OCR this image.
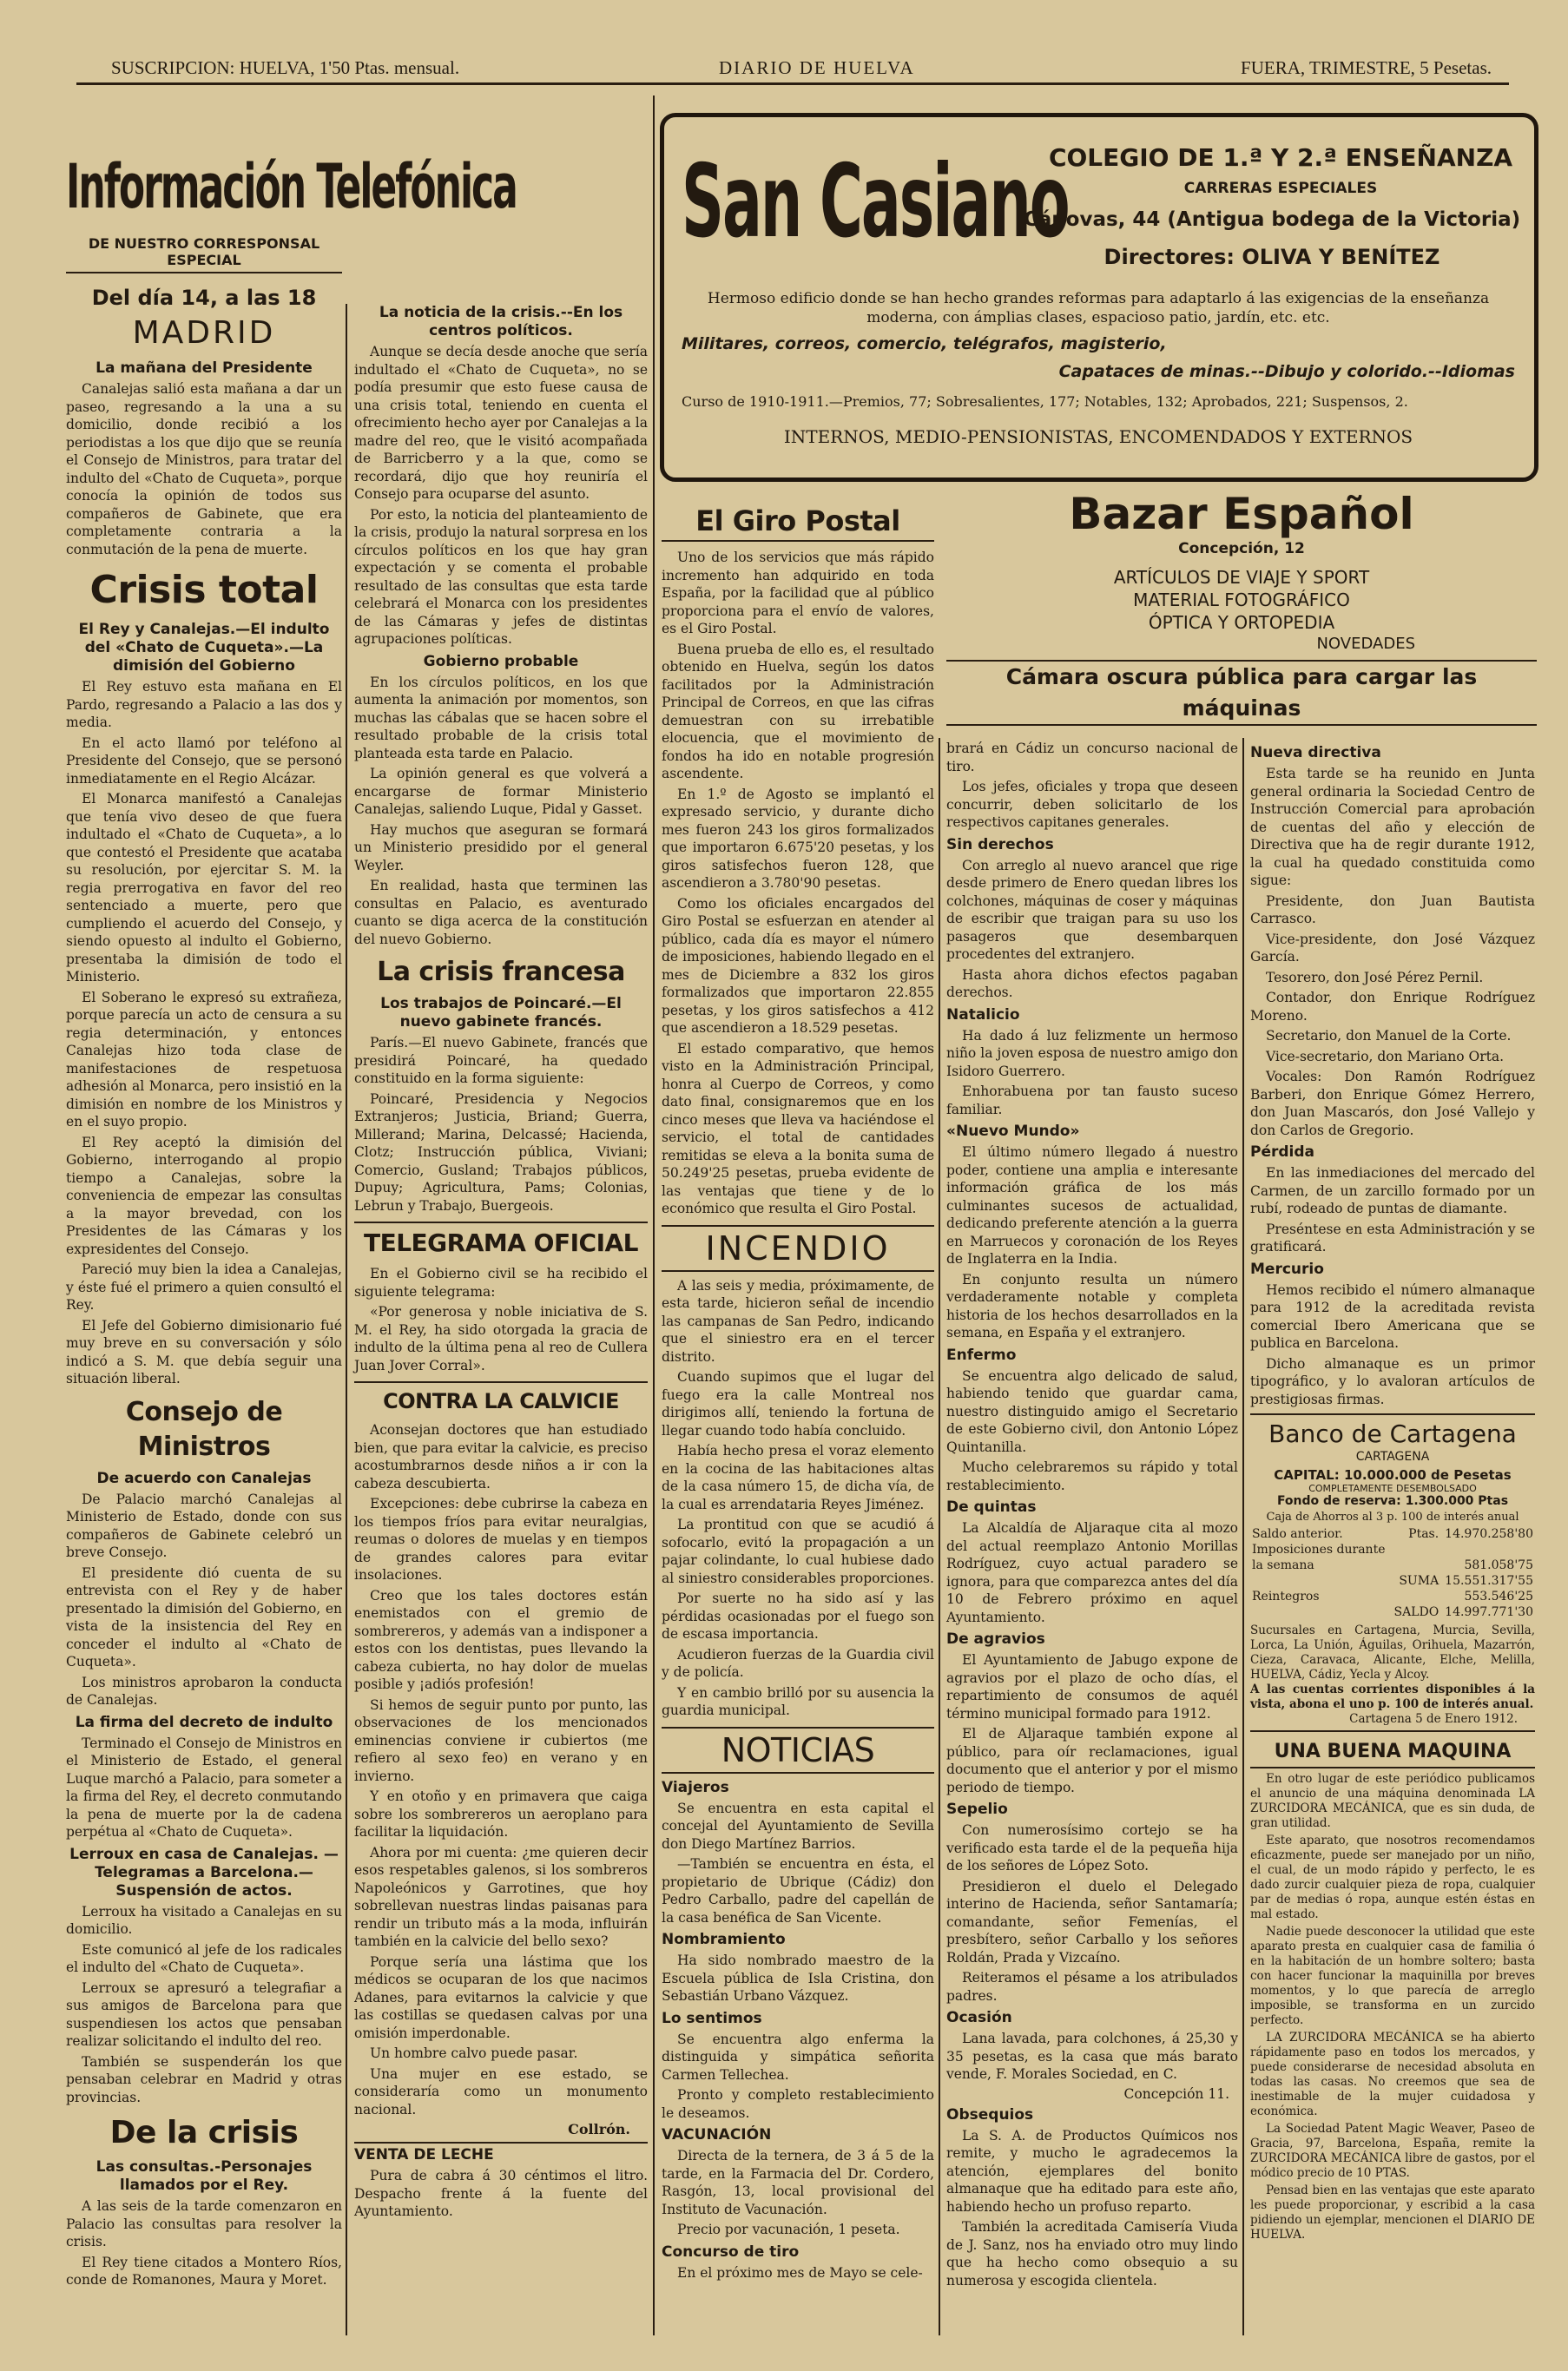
SUSCRIPCION: HUELVA, 1'50 Ptas. mensual.	DIARIO DE HUELVA	FUERA, TRIMESTRE, 5 Pesetas.
Información Telefónica
DE NUESTRO CORRESPONSAL ESPECIAL
Del día 14, a las 18
MADRID
La mañana del Presidente

Canalejas salió esta mañana a dar un paseo, regresando a la una a su domicilio, donde recibió a los periodistas a los que dijo que se reunía el Consejo de Ministros, para tratar del indulto del «Chato de Cuqueta», porque conocía la opinión de todos sus compañeros de Gabinete, que era completamente contraria a la conmutación de la pena de muerte.

Crisis total
El Rey y Canalejas.—El indulto del «Chato de Cuqueta».—La dimisión del Gobierno

El Rey estuvo esta mañana en El Pardo, regresando a Palacio a las dos y media.

En el acto llamó por teléfono al Presidente del Consejo, que se personó inmediatamente en el Regio Alcázar.

El Monarca manifestó a Canalejas que tenía vivo deseo de que fuera indultado el «Chato de Cuqueta», a lo que contestó el Presidente que acataba su resolución, por ejercitar S. M. la regia prerrogativa en favor del reo sentenciado a muerte, pero que cumpliendo el acuerdo del Consejo, y siendo opuesto al indulto el Gobierno, presentaba la dimisión de todo el Ministerio.

El Soberano le expresó su extrañeza, porque parecía un acto de censura a su regia determinación, y entonces Canalejas hizo toda clase de manifestaciones de respetuosa adhesión al Monarca, pero insistió en la dimisión en nombre de los Ministros y en el suyo propio.

El Rey aceptó la dimisión del Gobierno, interrogando al propio tiempo a Canalejas, sobre la conveniencia de empezar las consultas a la mayor brevedad, con los Presidentes de las Cámaras y los expresidentes del Consejo.

Pareció muy bien la idea a Canalejas, y éste fué el primero a quien consultó el Rey.

El Jefe del Gobierno dimisionario fué muy breve en su conversación y sólo indicó a S. M. que debía seguir una situación liberal.

Consejo de Ministros
De acuerdo con Canalejas

De Palacio marchó Canalejas al Ministerio de Estado, donde con sus compañeros de Gabinete celebró un breve Consejo.

El presidente dió cuenta de su entrevista con el Rey y de haber presentado la dimisión del Gobierno, en vista de la insistencia del Rey en conceder el indulto al «Chato de Cuqueta».

Los ministros aprobaron la conducta de Canalejas.

La firma del decreto de indulto

Terminado el Consejo de Ministros en el Ministerio de Estado, el general Luque marchó a Palacio, para someter a la firma del Rey, el decreto conmutando la pena de muerte por la de cadena perpétua al «Chato de Cuqueta».

Lerroux en casa de Canalejas. —Telegramas a Barcelona.— Suspensión de actos.

Lerroux ha visitado a Canalejas en su domicilio.

Este comunicó al jefe de los radicales el indulto del «Chato de Cuqueta».

Lerroux se apresuró a telegrafiar a sus amigos de Barcelona para que suspendiesen los actos que pensaban realizar solicitando el indulto del reo.

También se suspenderán los que pensaban celebrar en Madrid y otras provincias.

De la crisis
Las consultas.-Personajes llamados por el Rey.

A las seis de la tarde comenzaron en Palacio las consultas para resolver la crisis.

El Rey tiene citados a Montero Ríos, conde de Romanones, Maura y Moret.

La noticia de la crisis.--En los centros políticos.

Aunque se decía desde anoche que sería indultado el «Chato de Cuqueta», no se podía presumir que esto fuese causa de una crisis total, teniendo en cuenta el ofrecimiento hecho ayer por Canalejas a la madre del reo, que le visitó acompañada de Barricberro y a la que, como se recordará, dijo que hoy reuniría el Consejo para ocuparse del asunto.

Por esto, la noticia del planteamiento de la crisis, produjo la natural sorpresa en los círculos políticos en los que hay gran expectación y se comenta el probable resultado de las consultas que esta tarde celebrará el Monarca con los presidentes de las Cámaras y jefes de distintas agrupaciones políticas.

Gobierno probable

En los círculos políticos, en los que aumenta la animación por momentos, son muchas las cábalas que se hacen sobre el resultado probable de la crisis total planteada esta tarde en Palacio.

La opinión general es que volverá a encargarse de formar Ministerio Canalejas, saliendo Luque, Pidal y Gasset.

Hay muchos que aseguran se formará un Ministerio presidido por el general Weyler.

En realidad, hasta que terminen las consultas en Palacio, es aventurado cuanto se diga acerca de la constitución del nuevo Gobierno.

La crisis francesa
Los trabajos de Poincaré.—El nuevo gabinete francés.

París.—El nuevo Gabinete, francés que presidirá Poincaré, ha quedado constituido en la forma siguiente:

Poincaré, Presidencia y Negocios Extranjeros; Justicia, Briand; Guerra, Millerand; Marina, Delcassé; Hacienda, Clotz; Instrucción pública, Viviani; Comercio, Gusland; Trabajos públicos, Dupuy; Agricultura, Pams; Colonias, Lebrun y Trabajo, Buergeois.

TELEGRAMA OFICIAL

En el Gobierno civil se ha recibido el siguiente telegrama:

«Por generosa y noble iniciativa de S. M. el Rey, ha sido otorgada la gracia de indulto de la última pena al reo de Cullera Juan Jover Corral».

CONTRA LA CALVICIE

Aconsejan doctores que han estudiado bien, que para evitar la calvicie, es preciso acostumbrarnos desde niños a ir con la cabeza descubierta.

Excepciones: debe cubrirse la cabeza en los tiempos fríos para evitar neuralgias, reumas o dolores de muelas y en tiempos de grandes calores para evitar insolaciones.

Creo que los tales doctores están enemistados con el gremio de sombrereros, y además van a indisponer a estos con los dentistas, pues llevando la cabeza cubierta, no hay dolor de muelas posible y ¡adiós profesión!

Si hemos de seguir punto por punto, las observaciones de los mencionados eminencias conviene ir cubiertos (me refiero al sexo feo) en verano y en invierno.

Y en otoño y en primavera que caiga sobre los sombrereros un aeroplano para facilitar la liquidación.

Ahora por mi cuenta: ¿me quieren decir esos respetables galenos, si los sombreros Napoleónicos y Garrotines, que hoy sobrellevan nuestras lindas paisanas para rendir un tributo más a la moda, influirán también en la calvicie del bello sexo?

Porque sería una lástima que los médicos se ocuparan de los que nacimos Adanes, para evitarnos la calvicie y que las costillas se quedasen calvas por una omisión imperdonable.

Un hombre calvo puede pasar.

Una mujer en ese estado, se consideraría como un monumento nacional.

Collrón.
VENTA DE LECHE

Pura de cabra á 30 céntimos el litro. Despacho frente á la fuente del Ayuntamiento.

San Casiano
COLEGIO DE 1.ª Y 2.ª ENSEÑANZA
CARRERAS ESPECIALES
Cánovas, 44 (Antigua bodega de la Victoria)
Directores: OLIVA Y BENÍTEZ
Hermoso edificio donde se han hecho grandes reformas para adaptarlo á las exigencias de la enseñanza moderna, con ámplias clases, espacioso patio, jardín, etc. etc.
Militares, correos, comercio, telégrafos, magisterio,
Capataces de minas.--Dibujo y colorido.--Idiomas
Curso de 1910-1911.—Premios, 77; Sobresalientes, 177; Notables, 132; Aprobados, 221; Suspensos, 2.
INTERNOS, MEDIO-PENSIONISTAS, ENCOMENDADOS Y EXTERNOS
El Giro Postal

Uno de los servicios que más rápido incremento han adquirido en toda España, por la facilidad que al público proporciona para el envío de valores, es el Giro Postal.

Buena prueba de ello es, el resultado obtenido en Huelva, según los datos facilitados por la Administración Principal de Correos, en que las cifras demuestran con su irrebatible elocuencia, que el movimiento de fondos ha ido en notable progresión ascendente.

En 1.º de Agosto se implantó el expresado servicio, y durante dicho mes fueron 243 los giros formalizados que importaron 6.675'20 pesetas, y los giros satisfechos fueron 128, que ascendieron a 3.780'90 pesetas.

Como los oficiales encargados del Giro Postal se esfuerzan en atender al público, cada día es mayor el número de imposiciones, habiendo llegado en el mes de Diciembre a 832 los giros formalizados que importaron 22.855 pesetas, y los giros satisfechos a 412 que ascendieron a 18.529 pesetas.

El estado comparativo, que hemos visto en la Administración Principal, honra al Cuerpo de Correos, y como dato final, consignaremos que en los cinco meses que lleva va haciéndose el servicio, el total de cantidades remitidas se eleva a la bonita suma de 50.249'25 pesetas, prueba evidente de las ventajas que tiene y de lo económico que resulta el Giro Postal.

INCENDIO

A las seis y media, próximamente, de esta tarde, hicieron señal de incendio las campanas de San Pedro, indicando que el siniestro era en el tercer distrito.

Cuando supimos que el lugar del fuego era la calle Montreal nos dirigimos allí, teniendo la fortuna de llegar cuando todo había concluido.

Había hecho presa el voraz elemento en la cocina de las habitaciones altas de la casa número 15, de dicha vía, de la cual es arrendataria Reyes Jiménez.

La prontitud con que se acudió á sofocarlo, evitó la propagación a un pajar colindante, lo cual hubiese dado al siniestro considerables proporciones.

Por suerte no ha sido así y las pérdidas ocasionadas por el fuego son de escasa importancia.

Acudieron fuerzas de la Guardia civil y de policía.

Y en cambio brilló por su ausencia la guardia municipal.

NOTICIAS
Viajeros

Se encuentra en esta capital el concejal del Ayuntamiento de Sevilla don Diego Martínez Barrios.

—También se encuentra en ésta, el propietario de Ubrique (Cádiz) don Pedro Carballo, padre del capellán de la casa benéfica de San Vicente.

Nombramiento

Ha sido nombrado maestro de la Escuela pública de Isla Cristina, don Sebastián Urbano Vázquez.

Lo sentimos

Se encuentra algo enferma la distinguida y simpática señorita Carmen Tellechea.

Pronto y completo restablecimiento le deseamos.

VACUNACIÓN

Directa de la ternera, de 3 á 5 de la tarde, en la Farmacia del Dr. Cordero, Rasgón, 13, local provisional del Instituto de Vacunación.

Precio por vacunación, 1 peseta.

Concurso de tiro

En el próximo mes de Mayo se cele-

Bazar Español
Concepción, 12
ARTÍCULOS DE VIAJE Y SPORT
MATERIAL FOTOGRÁFICO
ÓPTICA Y ORTOPEDIA
NOVEDADES
Cámara oscura pública para cargar las máquinas

brará en Cádiz un concurso nacional de tiro.

Los jefes, oficiales y tropa que deseen concurrir, deben solicitarlo de los respectivos capitanes generales.

Sin derechos

Con arreglo al nuevo arancel que rige desde primero de Enero quedan libres los colchones, máquinas de coser y máquinas de escribir que traigan para su uso los pasageros que desembarquen procedentes del extranjero.

Hasta ahora dichos efectos pagaban derechos.

Natalicio

Ha dado á luz felizmente un hermoso niño la joven esposa de nuestro amigo don Isidoro Guerrero.

Enhorabuena por tan fausto suceso familiar.

«Nuevo Mundo»

El último número llegado á nuestro poder, contiene una amplia e interesante información gráfica de los más culminantes sucesos de actualidad, dedicando preferente atención a la guerra en Marruecos y coronación de los Reyes de Inglaterra en la India.

En conjunto resulta un número verdaderamente notable y completa historia de los hechos desarrollados en la semana, en España y el extranjero.

Enfermo

Se encuentra algo delicado de salud, habiendo tenido que guardar cama, nuestro distinguido amigo el Secretario de este Gobierno civil, don Antonio López Quintanilla.

Mucho celebraremos su rápido y total restablecimiento.

De quintas

La Alcaldía de Aljaraque cita al mozo del actual reemplazo Antonio Morillas Rodríguez, cuyo actual paradero se ignora, para que comparezca antes del día 10 de Febrero próximo en aquel Ayuntamiento.

De agravios

El Ayuntamiento de Jabugo expone de agravios por el plazo de ocho días, el repartimiento de consumos de aquél término municipal formado para 1912.

El de Aljaraque también expone al público, para oír reclamaciones, igual documento que el anterior y por el mismo periodo de tiempo.

Sepelio

Con numerosísimo cortejo se ha verificado esta tarde el de la pequeña hija de los señores de López Soto.

Presidieron el duelo el Delegado interino de Hacienda, señor Santamaría; comandante, señor Femenías, el presbítero, señor Carballo y los señores Roldán, Prada y Vizcaíno.

Reiteramos el pésame a los atribulados padres.

Ocasión

Lana lavada, para colchones, á 25,30 y 35 pesetas, es la casa que más barato vende, F. Morales Sociedad, en C.

Concepción 11.
Obsequios

La S. A. de Productos Químicos nos remite, y mucho le agradecemos la atención, ejemplares del bonito almanaque que ha editado para este año, habiendo hecho un profuso reparto.

También la acreditada Camisería Viuda de J. Sanz, nos ha enviado otro muy lindo que ha hecho como obsequio a su numerosa y escogida clientela.

Nueva directiva

Esta tarde se ha reunido en Junta general ordinaria la Sociedad Centro de Instrucción Comercial para aprobación de cuentas del año y elección de Directiva que ha de regir durante 1912, la cual ha quedado constituida como sigue:

Presidente, don Juan Bautista Carrasco.

Vice-presidente, don José Vázquez García.

Tesorero, don José Pérez Pernil.

Contador, don Enrique Rodríguez Moreno.

Secretario, don Manuel de la Corte.

Vice-secretario, don Mariano Orta.

Vocales: Don Ramón Rodríguez Barberi, don Enrique Gómez Herrero, don Juan Mascarós, don José Vallejo y don Carlos de Gregorio.

Pérdida

En las inmediaciones del mercado del Carmen, de un zarcillo formado por un rubí, rodeado de puntas de diamante.

Preséntese en esta Administración y se gratificará.

Mercurio

Hemos recibido el número almanaque para 1912 de la acreditada revista comercial Ibero Americana que se publica en Barcelona.

Dicho almanaque es un primor tipográfico, y lo avaloran artículos de prestigiosas firmas.

Banco de Cartagena
CARTAGENA
CAPITAL: 10.000.000 de Pesetas
COMPLETAMENTE DESEMBOLSADO
Fondo de reserva: 1.300.000 Ptas
Caja de Ahorros al 3 p. 100 de interés anual
Saldo anterior.	Ptas.	14.970.258'80
Imposiciones durante		
la semana		581.058'75
	SUMA	15.551.317'55
Reintegros		553.546'25
	SALDO	14.997.771'30
Sucursales en Cartagena, Murcia, Sevilla, Lorca, La Unión, Águilas, Orihuela, Mazarrón, Cieza, Caravaca, Alicante, Elche, Melilla, HUELVA, Cádiz, Yecla y Alcoy.
A las cuentas corrientes disponibles á la vista, abona el uno p. 100 de interés anual.
Cartagena 5 de Enero 1912.
UNA BUENA MAQUINA

En otro lugar de este periódico publicamos el anuncio de una máquina denominada LA ZURCIDORA MECÁNICA, que es sin duda, de gran utilidad.

Este aparato, que nosotros recomendamos eficazmente, puede ser manejado por un niño, el cual, de un modo rápido y perfecto, le es dado zurcir cualquier pieza de ropa, cualquier par de medias ó ropa, aunque estén éstas en mal estado.

Nadie puede desconocer la utilidad que este aparato presta en cualquier casa de familia ó en la habitación de un hombre soltero; basta con hacer funcionar la maquinilla por breves momentos, y lo que parecía de arreglo imposible, se transforma en un zurcido perfecto.

LA ZURCIDORA MECÁNICA se ha abierto rápidamente paso en todos los mercados, y puede considerarse de necesidad absoluta en todas las casas. No creemos que sea de inestimable de la mujer cuidadosa y económica.

La Sociedad Patent Magic Weaver, Paseo de Gracia, 97, Barcelona, España, remite la ZURCIDORA MECÁNICA libre de gastos, por el módico precio de 10 PTAS.

Pensad bien en las ventajas que este aparato les puede proporcionar, y escribid a la casa pidiendo un ejemplar, mencionen el DIARIO DE HUELVA.
